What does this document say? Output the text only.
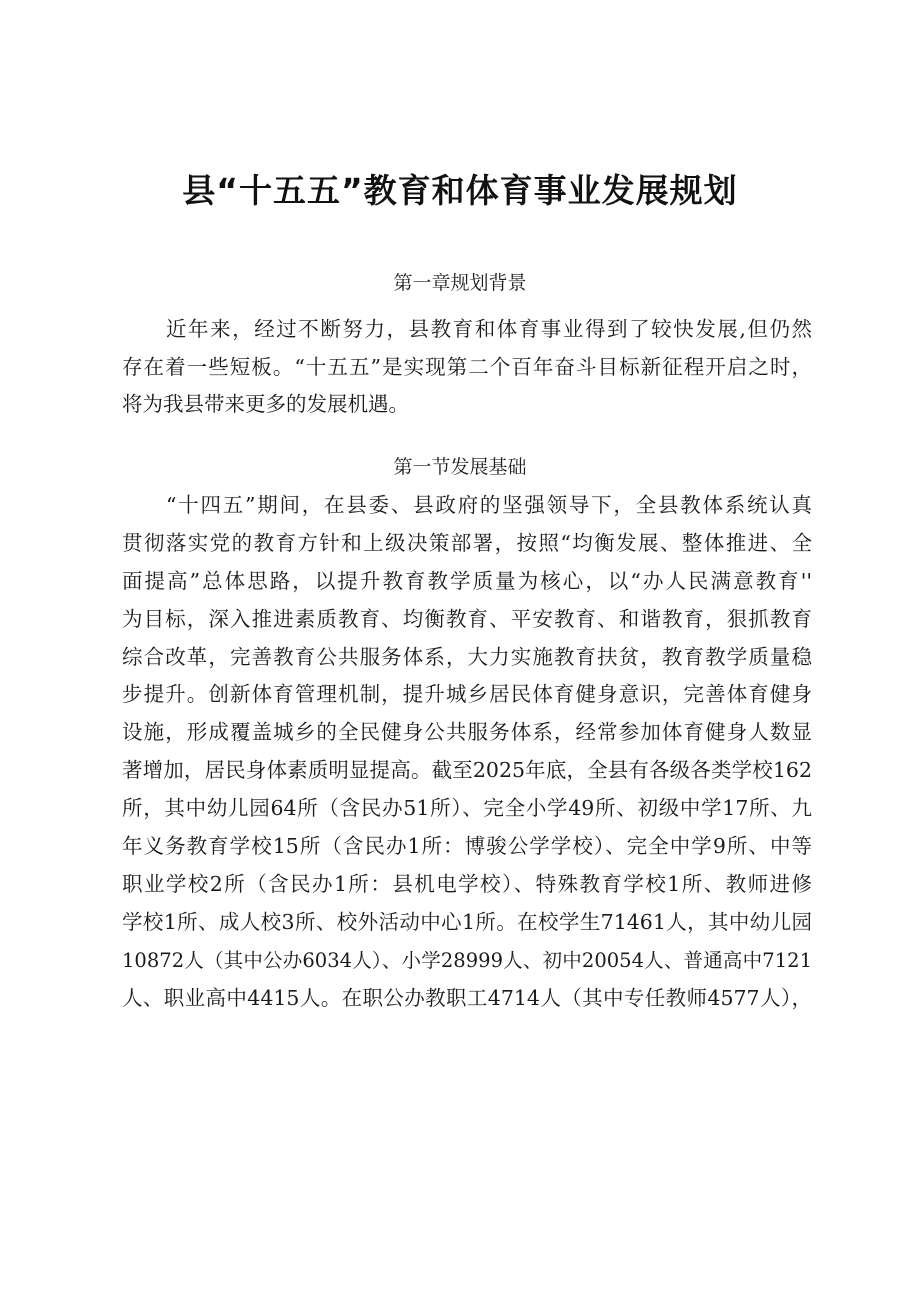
县“十五五”教育和体育事业发展规划
第一章规划背景
近年来，经过不断努力，县教育和体育事业得到了较快发展,但仍然
存在着一些短板。“十五五”是实现第二个百年奋斗目标新征程开启之时，
将为我县带来更多的发展机遇。
第一节发展基础
“十四五”期间，在县委、县政府的坚强领导下，全县教体系统认真
贯彻落实党的教育方针和上级决策部署，按照“均衡发展、整体推进、全
面提高”总体思路，以提升教育教学质量为核心，以“办人民满意教育''
为目标，深入推进素质教育、均衡教育、平安教育、和谐教育，狠抓教育
综合改革，完善教育公共服务体系，大力实施教育扶贫，教育教学质量稳
步提升。创新体育管理机制，提升城乡居民体育健身意识，完善体育健身
设施，形成覆盖城乡的全民健身公共服务体系，经常参加体育健身人数显
著增加，居民身体素质明显提高。截至2025年底，全县有各级各类学校162
所，其中幼儿园64所（含民办51所）、完全小学49所、初级中学17所、九
年义务教育学校15所（含民办1所：博骏公学学校）、完全中学9所、中等
职业学校2所（含民办1所：县机电学校）、特殊教育学校1所、教师进修
学校1所、成人校3所、校外活动中心1所。在校学生71461人，其中幼儿园
10872人（其中公办6034人）、小学28999人、初中20054人、普通高中7121
人、职业高中4415人。在职公办教职工4714人（其中专任教师4577人），
